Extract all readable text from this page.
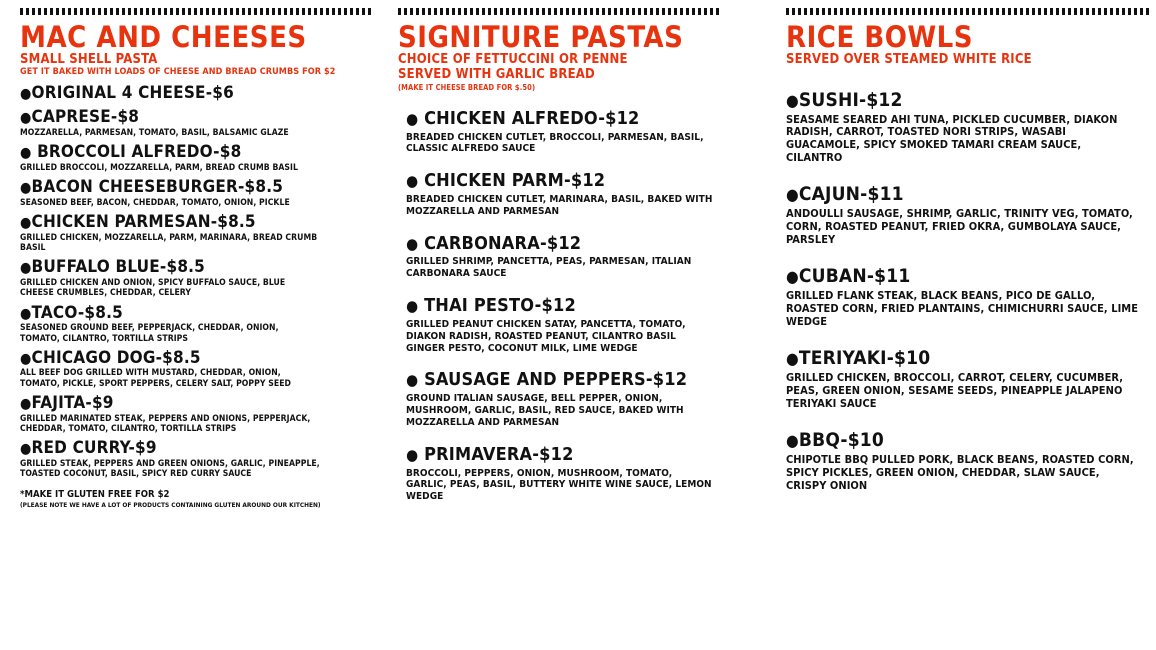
MAC AND CHEESES
SMALL SHELL PASTA
GET IT BAKED WITH LOADS OF CHEESE AND BREAD CRUMBS FOR $2
●ORIGINAL 4 CHEESE-$6
●CAPRESE-$8
MOZZARELLA, PARMESAN, TOMATO, BASIL, BALSAMIC GLAZE
● BROCCOLI ALFREDO-$8
GRILLED BROCCOLI, MOZZARELLA, PARM, BREAD CRUMB BASIL
●BACON CHEESEBURGER-$8.5
SEASONED BEEF, BACON, CHEDDAR, TOMATO, ONION, PICKLE
●CHICKEN PARMESAN-$8.5
GRILLED CHICKEN, MOZZARELLA, PARM, MARINARA, BREAD CRUMB BASIL
●BUFFALO BLUE-$8.5
GRILLED CHICKEN AND ONION, SPICY BUFFALO SAUCE, BLUE CHEESE CRUMBLES, CHEDDAR, CELERY
●TACO-$8.5
SEASONED GROUND BEEF, PEPPERJACK, CHEDDAR, ONION, TOMATO, CILANTRO, TORTILLA STRIPS
●CHICAGO DOG-$8.5
ALL BEEF DOG GRILLED WITH MUSTARD, CHEDDAR, ONION, TOMATO, PICKLE, SPORT PEPPERS, CELERY SALT, POPPY SEED
●FAJITA-$9
GRILLED MARINATED STEAK, PEPPERS AND ONIONS, PEPPERJACK, CHEDDAR, TOMATO, CILANTRO, TORTILLA STRIPS
●RED CURRY-$9
GRILLED STEAK, PEPPERS AND GREEN ONIONS, GARLIC, PINEAPPLE, TOASTED COCONUT, BASIL, SPICY RED CURRY SAUCE
*MAKE IT GLUTEN FREE FOR $2
(PLEASE NOTE WE HAVE A LOT OF PRODUCTS CONTAINING GLUTEN AROUND OUR KITCHEN)
SIGNITURE PASTAS
CHOICE OF FETTUCCINI OR PENNE
SERVED WITH GARLIC BREAD
(MAKE IT CHEESE BREAD FOR $.50)
● CHICKEN ALFREDO-$12
BREADED CHICKEN CUTLET, BROCCOLI, PARMESAN, BASIL, CLASSIC ALFREDO SAUCE
● CHICKEN PARM-$12
BREADED CHICKEN CUTLET, MARINARA, BASIL, BAKED WITH MOZZARELLA AND PARMESAN
● CARBONARA-$12
GRILLED SHRIMP, PANCETTA, PEAS, PARMESAN, ITALIAN CARBONARA SAUCE
● THAI PESTO-$12
GRILLED PEANUT CHICKEN SATAY, PANCETTA, TOMATO, DIAKON RADISH, ROASTED PEANUT, CILANTRO BASIL GINGER PESTO, COCONUT MILK, LIME WEDGE
● SAUSAGE AND PEPPERS-$12
GROUND ITALIAN SAUSAGE, BELL PEPPER, ONION, MUSHROOM, GARLIC, BASIL, RED SAUCE, BAKED WITH MOZZARELLA AND PARMESAN
● PRIMAVERA-$12
BROCCOLI, PEPPERS, ONION, MUSHROOM, TOMATO, GARLIC, PEAS, BASIL, BUTTERY WHITE WINE SAUCE, LEMON WEDGE
RICE BOWLS
SERVED OVER STEAMED WHITE RICE
●SUSHI-$12
SEASAME SEARED AHI TUNA, PICKLED CUCUMBER, DIAKON RADISH, CARROT, TOASTED NORI STRIPS, WASABI GUACAMOLE, SPICY SMOKED TAMARI CREAM SAUCE, CILANTRO
●CAJUN-$11
ANDOULLI SAUSAGE, SHRIMP, GARLIC, TRINITY VEG, TOMATO, CORN, ROASTED PEANUT, FRIED OKRA, GUMBOLAYA SAUCE, PARSLEY
●CUBAN-$11
GRILLED FLANK STEAK, BLACK BEANS, PICO DE GALLO, ROASTED CORN, FRIED PLANTAINS, CHIMICHURRI SAUCE, LIME WEDGE
●TERIYAKI-$10
GRILLED CHICKEN, BROCCOLI, CARROT, CELERY, CUCUMBER, PEAS, GREEN ONION, SESAME SEEDS, PINEAPPLE JALAPENO TERIYAKI SAUCE
●BBQ-$10
CHIPOTLE BBQ PULLED PORK, BLACK BEANS, ROASTED CORN, SPICY PICKLES, GREEN ONION, CHEDDAR, SLAW SAUCE, CRISPY ONION
